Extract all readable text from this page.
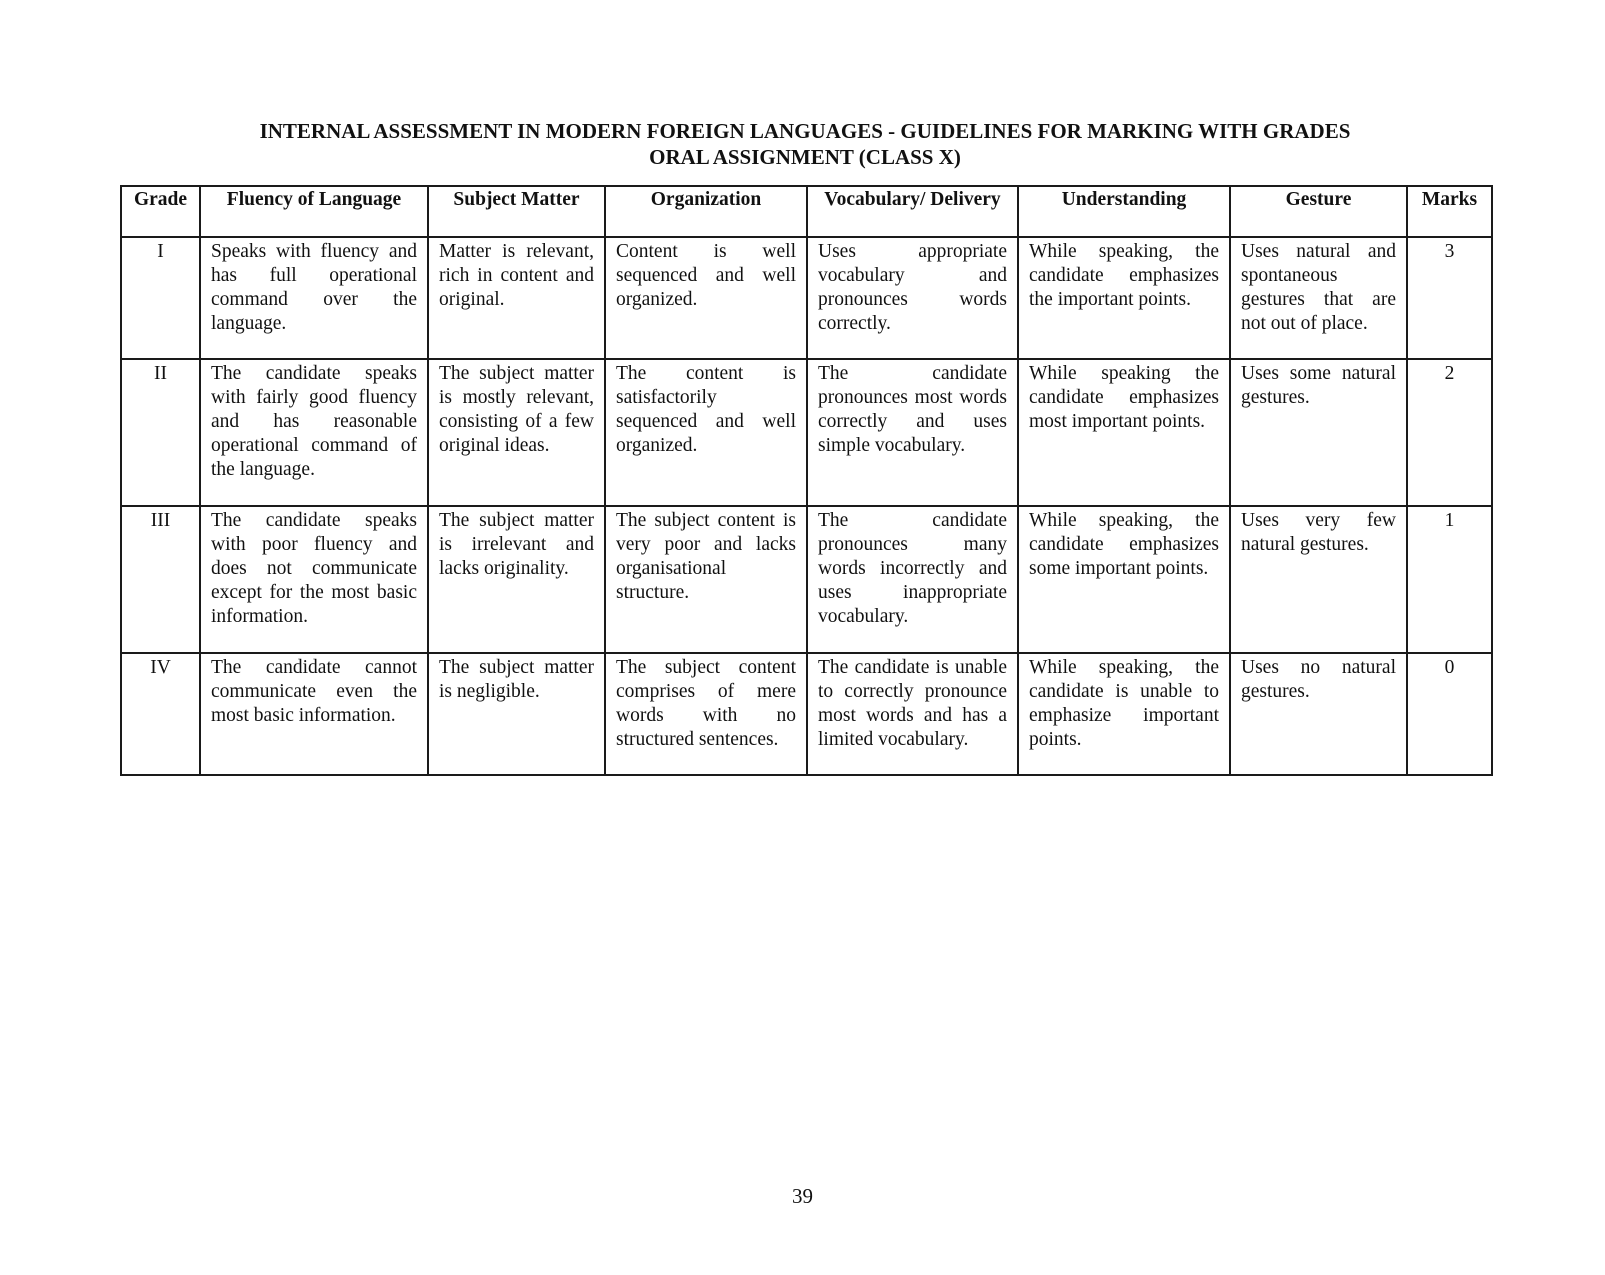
INTERNAL ASSESSMENT IN MODERN FOREIGN LANGUAGES - GUIDELINES FOR MARKING WITH GRADES
ORAL ASSIGNMENT (CLASS X)
Grade	Fluency of Language	Subject Matter	Organization	Vocabulary/ Delivery	Understanding	Gesture	Marks
I	Speaks with fluency and has full operational command over the language.	Matter is relevant, rich in content and original.	Content is well sequenced and well organized.	Uses appropriate vocabulary and pronounces words correctly.	While speaking, the candidate emphasizes the important points.	Uses natural and spontaneous gestures that are not out of place.	3
II	The candidate speaks with fairly good fluency and has reasonable operational command of the language.	The subject matter is mostly relevant, consisting of a few original ideas.	The content is satisfactorily sequenced and well organized.	The candidate pronounces most words correctly and uses simple vocabulary.	While speaking the candidate emphasizes most important points.	Uses some natural gestures.	2
III	The candidate speaks with poor fluency and does not communicate except for the most basic information.	The subject matter is irrelevant and lacks originality.	The subject content is very poor and lacks organisational structure.	The candidate pronounces many words incorrectly and uses inappropriate vocabulary.	While speaking, the candidate emphasizes some important points.	Uses very few natural gestures.	1
IV	The candidate cannot communicate even the most basic information.	The subject matter is negligible.	The subject content comprises of mere words with no structured sentences.	The candidate is unable to correctly pronounce most words and has a limited vocabulary.	While speaking, the candidate is unable to emphasize important points.	Uses no natural gestures.	0
39
